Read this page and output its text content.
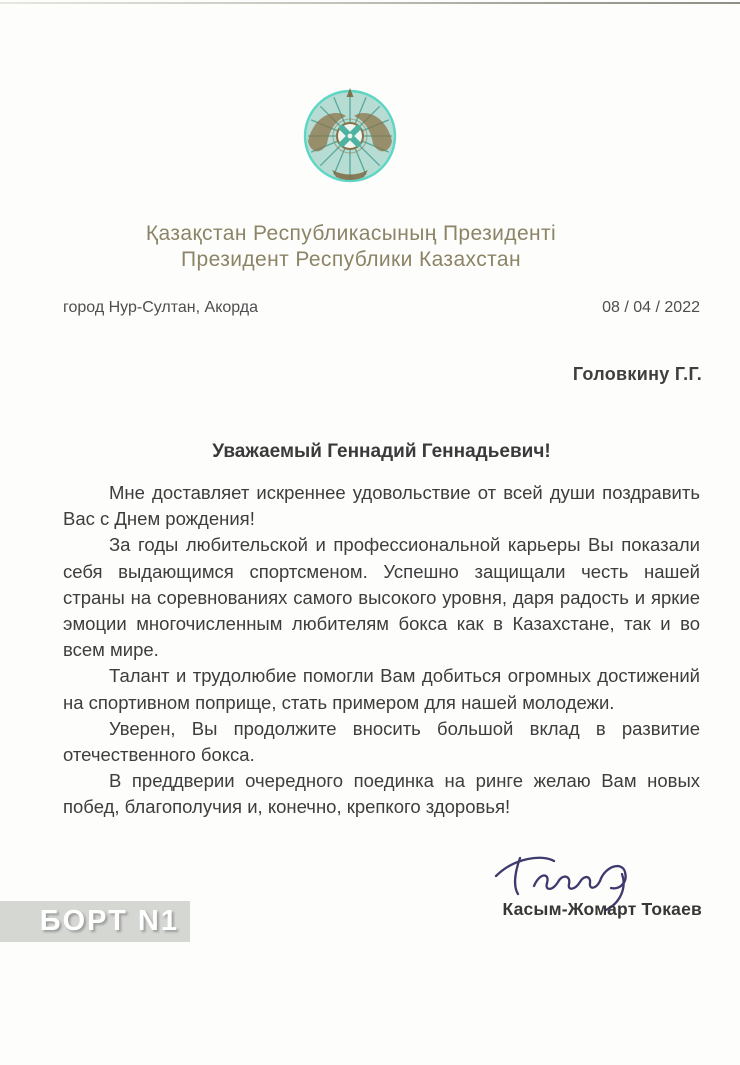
Қазақстан Республикасының Президенті
Президент Республики Казахстан
город Нур-Султан, Акорда	08 / 04 / 2022
Головкину Г.Г.
Уважаемый Геннадий Геннадьевич!

Мне доставляет искреннее удовольствие от всей души поздравить Вас с Днем рождения!

За годы любительской и профессиональной карьеры Вы показали себя выдающимся спортсменом. Успешно защищали честь нашей страны на соревнованиях самого высокого уровня, даря радость и яркие эмоции многочисленным любителям бокса как в Казахстане, так и во всем мире.

Талант и трудолюбие помогли Вам добиться огромных достижений на спортивном поприще, стать примером для нашей молодежи.

Уверен, Вы продолжите вносить большой вклад в развитие отечественного бокса.

В преддверии очередного поединка на ринге желаю Вам новых побед, благополучия и, конечно, крепкого здоровья!

Касым-Жомарт Токаев
БОРТ N1
